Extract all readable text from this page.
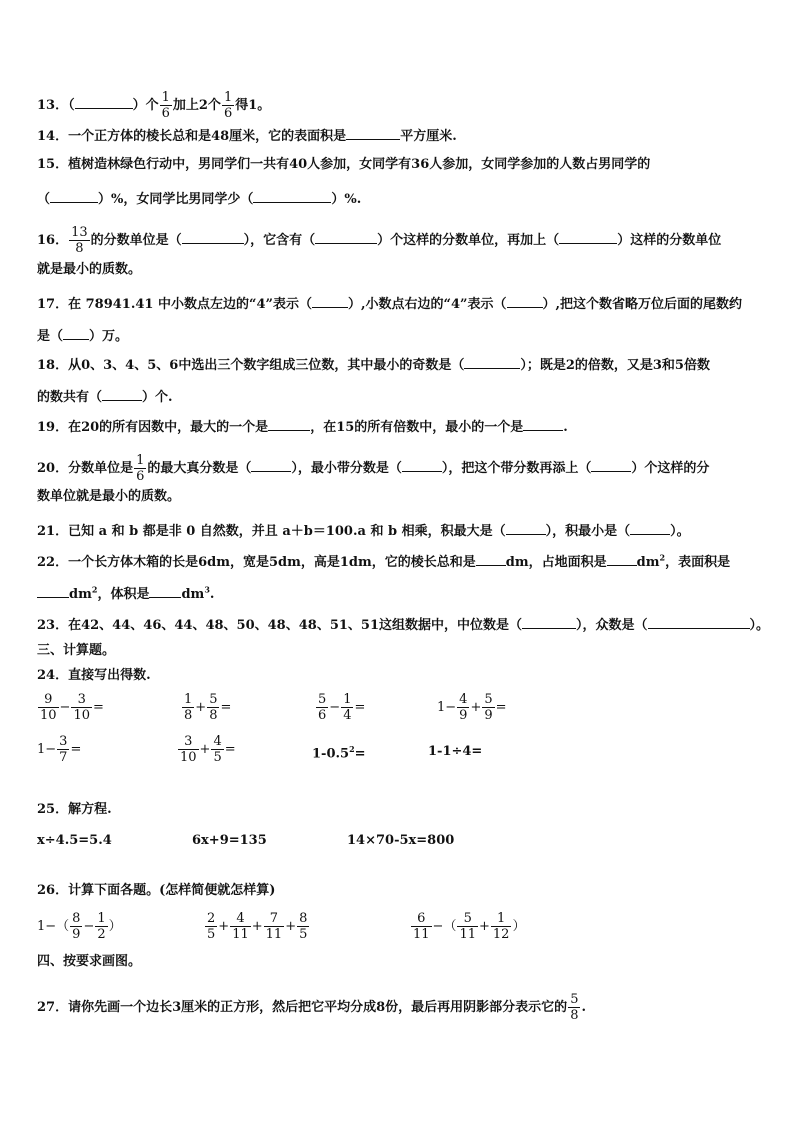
13．（	）个 $\frac{1}{6}$ 加上2个 $\frac{1}{6}$ 得1。
14．一个正方体的棱长总和是48厘米，它的表面积是	平方厘米.
15．植树造林绿色行动中，男同学们一共有40人参加，女同学有36人参加，女同学参加的人数占男同学的
（	）%，女同学比男同学少（	）%.
16． $\frac{13}{8}$ 的分数单位是（	），它含有（	）个这样的分数单位，再加上（	）这样的分数单位
就是最小的质数。
17．在 78941.41 中小数点左边的“4”表示（	）,小数点右边的“4”表示（	）,把这个数省略万位后面的尾数约
是（ ）万。
18．从0、3、4、5、6中选出三个数字组成三位数，其中最小的奇数是（	）；既是2的倍数，又是3和5倍数
的数共有（	）个.
19．在20的所有因数中，最大的一个是	，在15的所有倍数中，最小的一个是	.
20．分数单位是 $\frac{1}{6}$ 的最大真分数是（	），最小带分数是（	），把这个带分数再添上（	）个这样的分
数单位就是最小的质数。
21．已知 a 和 b 都是非 0 自然数，并且 a＋b＝100.a 和 b 相乘，积最大是（	），积最小是（	）。
22．一个长方体木箱的长是6dm，宽是5dm，高是1dm，它的棱长总和是 dm，占地面积是 $dm^2$，表面积是
$dm^2$，体积是 $dm^3$.
23．在42、44、46、44、48、50、48、48、51、51这组数据中，中位数是（	），众数是（	）。
三、计算题。
24．直接写出得数.
$\frac{9}{10} - \frac{3}{10}$ =	$\frac{1}{8} + \frac{5}{8}$ =	$\frac{5}{6} - \frac{1}{4}$ =	$1- \frac{4}{9} + \frac{5}{9}$ =
$1- \frac{3}{7}$ =	$\frac{3}{10} + \frac{4}{5}$ =	$1-0.5^2=$	1-1÷4=
25．解方程.
x÷4.5=5.4	6x+9=135	14×70-5x=800
26．计算下面各题。(怎样简便就怎样算)
$1-( \frac{8}{9} - \frac{1}{2}$ ）	$\frac{2}{5} + \frac{4}{11} + \frac{7}{11} + \frac{8}{5}$	$\frac{6}{11}$ −（ $\frac{5}{11} + \frac{1}{12}$ ）
四、按要求画图。
27．请你先画一个边长3厘米的正方形，然后把它平均分成8份，最后再用阴影部分表示它的 $\frac{5}{8}$ .
